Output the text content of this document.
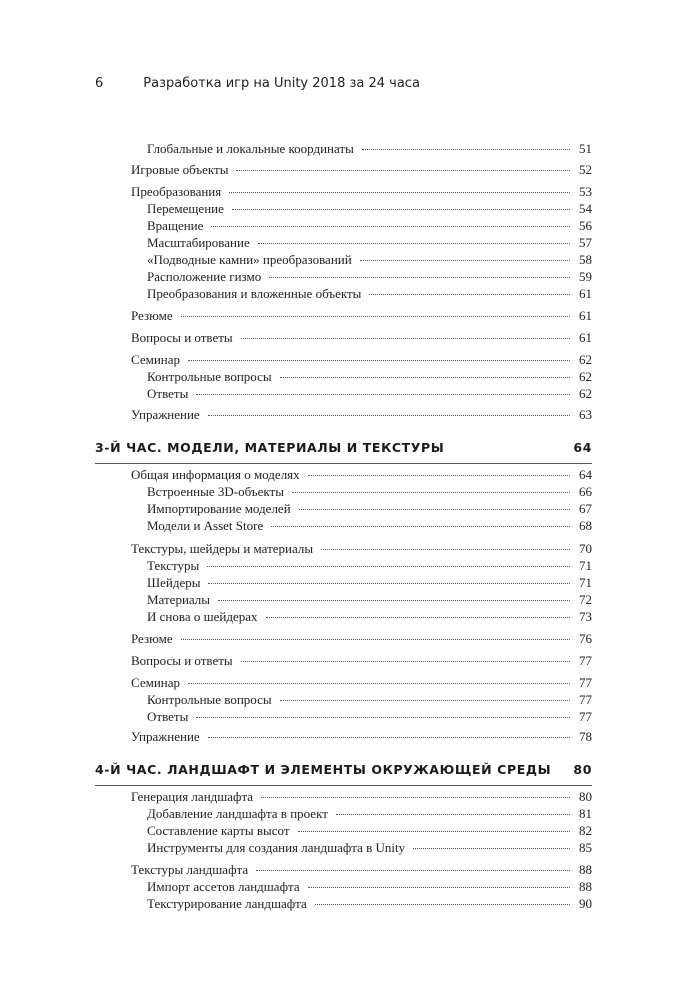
6	Разработка игр на Unity 2018 за 24 часа
Глобальные и локальные координаты	51
Игровые объекты	52
Преобразования	53
Перемещение	54
Вращение	56
Масштабирование	57
«Подводные камни» преобразований	58
Расположение гизмо	59
Преобразования и вложенные объекты	61
Резюме	61
Вопросы и ответы	61
Семинар	62
Контрольные вопросы	62
Ответы	62
Упражнение	63
3-Й ЧАС. МОДЕЛИ, МАТЕРИАЛЫ И ТЕКСТУРЫ	64
Общая информация о моделях	64
Встроенные 3D-объекты	66
Импортирование моделей	67
Модели и Asset Store	68
Текстуры, шейдеры и материалы	70
Текстуры	71
Шейдеры	71
Материалы	72
И снова о шейдерах	73
Резюме	76
Вопросы и ответы	77
Семинар	77
Контрольные вопросы	77
Ответы	77
Упражнение	78
4-Й ЧАС. ЛАНДШАФТ И ЭЛЕМЕНТЫ ОКРУЖАЮЩЕЙ СРЕДЫ 80
Генерация ландшафта	80
Добавление ландшафта в проект	81
Составление карты высот	82
Инструменты для создания ландшафта в Unity	85
Текстуры ландшафта	88
Импорт ассетов ландшафта	88
Текстурирование ландшафта	90
